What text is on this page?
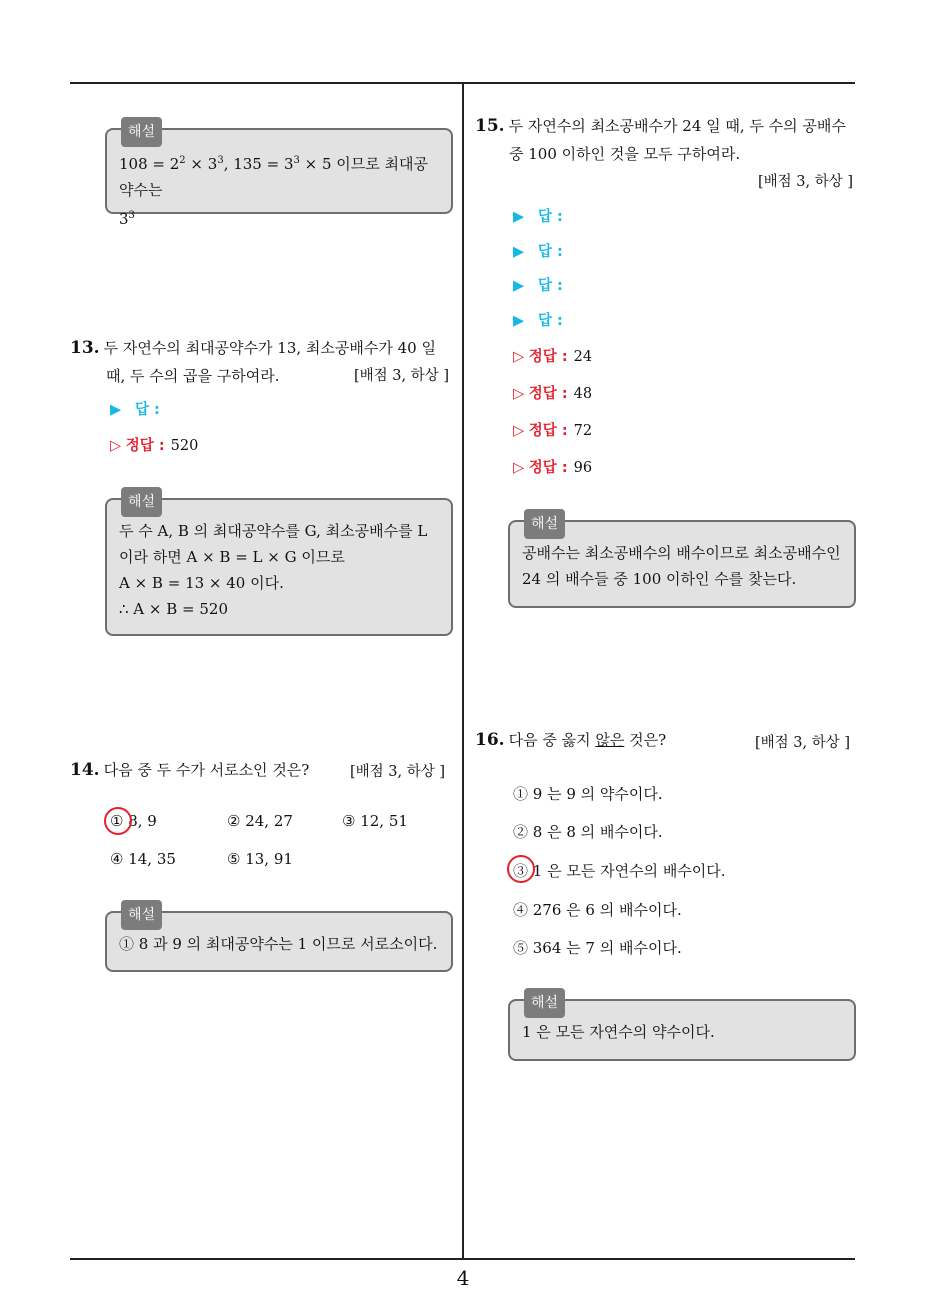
4
해설
$108 = 2^2 \times 3^3$, $135 = 3^3 \times 5$ 이므로 최대공약수는
$3^3$
13. 두 자연수의 최대공약수가 13, 최소공배수가 40 일
때, 두 수의 곱을 구하여라.	[배점 3, 하상 ]
▶ 답 :
▷ 정답 : 520
해설
두 수 A, B 의 최대공약수를 G, 최소공배수를 L
이라 하면 A × B = L × G 이므로
A × B = 13 × 40 이다.
∴ A × B = 520
14. 다음 중 두 수가 서로소인 것은?	[배점 3, 하상 ]
① 8, 9	② 24, 27	③ 12, 51
④ 14, 35	⑤ 13, 91
해설
① 8 과 9 의 최대공약수는 1 이므로 서로소이다.
15. 두 자연수의 최소공배수가 24 일 때, 두 수의 공배수
중 100 이하인 것을 모두 구하여라.
[배점 3, 하상 ]
▶ 답 :
▶ 답 :
▶ 답 :
▶ 답 :
▷ 정답 : 24
▷ 정답 : 48
▷ 정답 : 72
▷ 정답 : 96
해설
공배수는 최소공배수의 배수이므로 최소공배수인
24 의 배수들 중 100 이하인 수를 찾는다.
16. 다음 중 옳지 않은 것은?	[배점 3, 하상 ]
① 9 는 9 의 약수이다.
② 8 은 8 의 배수이다.
③ 1 은 모든 자연수의 배수이다.
④ 276 은 6 의 배수이다.
⑤ 364 는 7 의 배수이다.
해설
1 은 모든 자연수의 약수이다.
